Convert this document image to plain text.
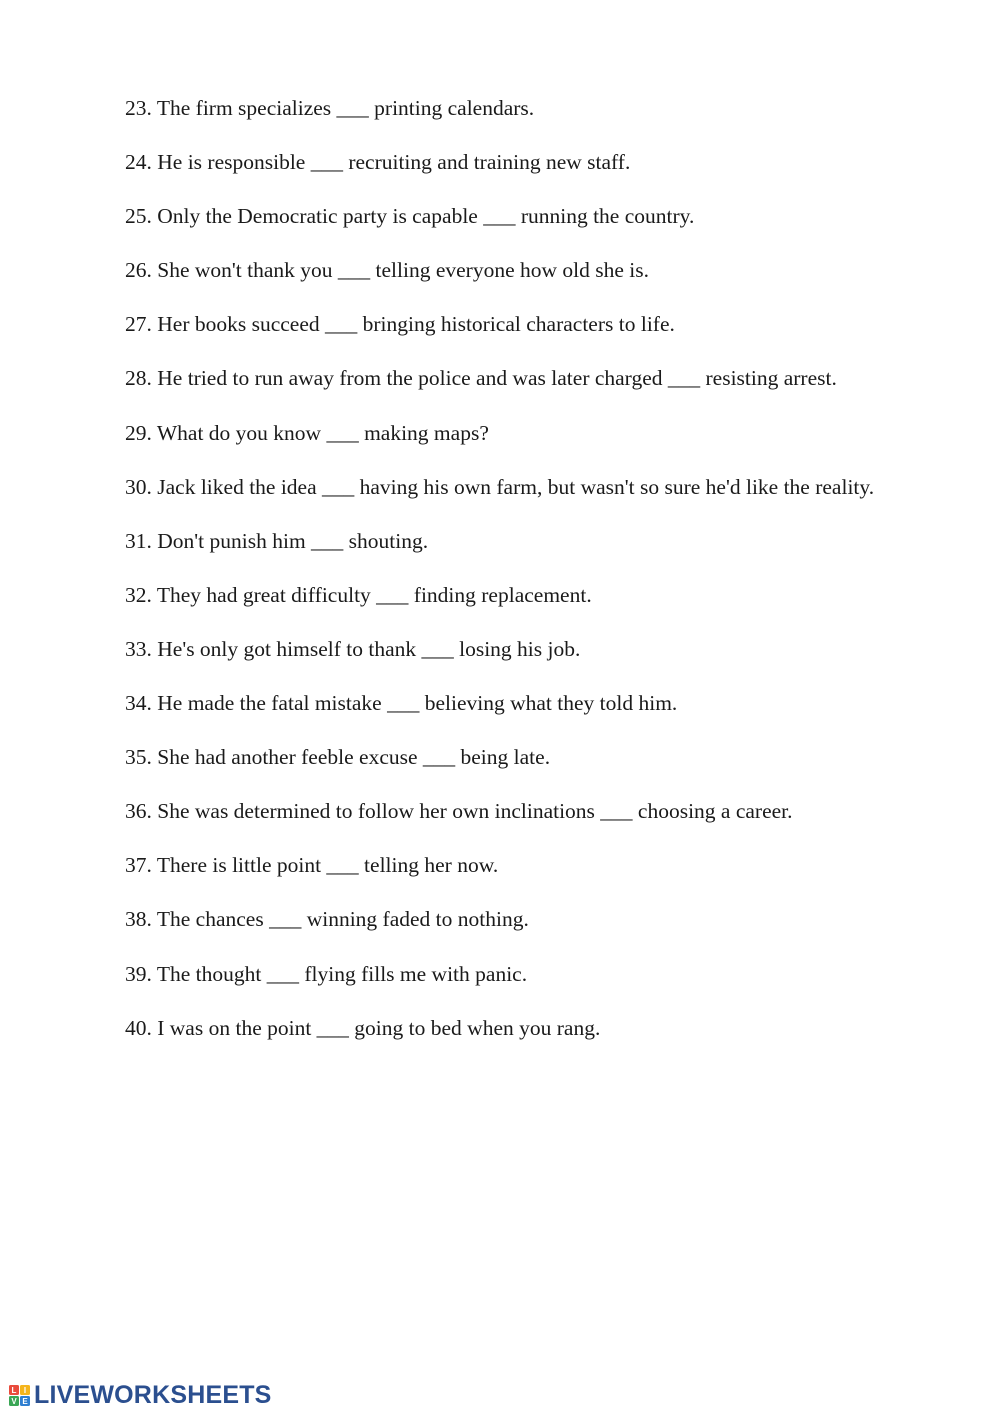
23. The firm specializes ___ printing calendars.
24. He is responsible ___ recruiting and training new staff.
25. Only the Democratic party is capable ___ running the country.
26. She won't thank you ___ telling everyone how old she is.
27. Her books succeed ___ bringing historical characters to life.
28. He tried to run away from the police and was later charged ___ resisting arrest.
29. What do you know ___ making maps?
30. Jack liked the idea ___ having his own farm, but wasn't so sure he'd like the reality.
31. Don't punish him ___ shouting.
32. They had great difficulty ___ finding replacement.
33. He's only got himself to thank ___ losing his job.
34. He made the fatal mistake ___ believing what they told him.
35. She had another feeble excuse ___ being late.
36. She was determined to follow her own inclinations ___ choosing a career.
37. There is little point ___ telling her now.
38. The chances ___ winning faded to nothing.
39. The thought ___ flying fills me with panic.
40. I was on the point ___ going to bed when you rang.
L I
V E LIVEWORKSHEETS
